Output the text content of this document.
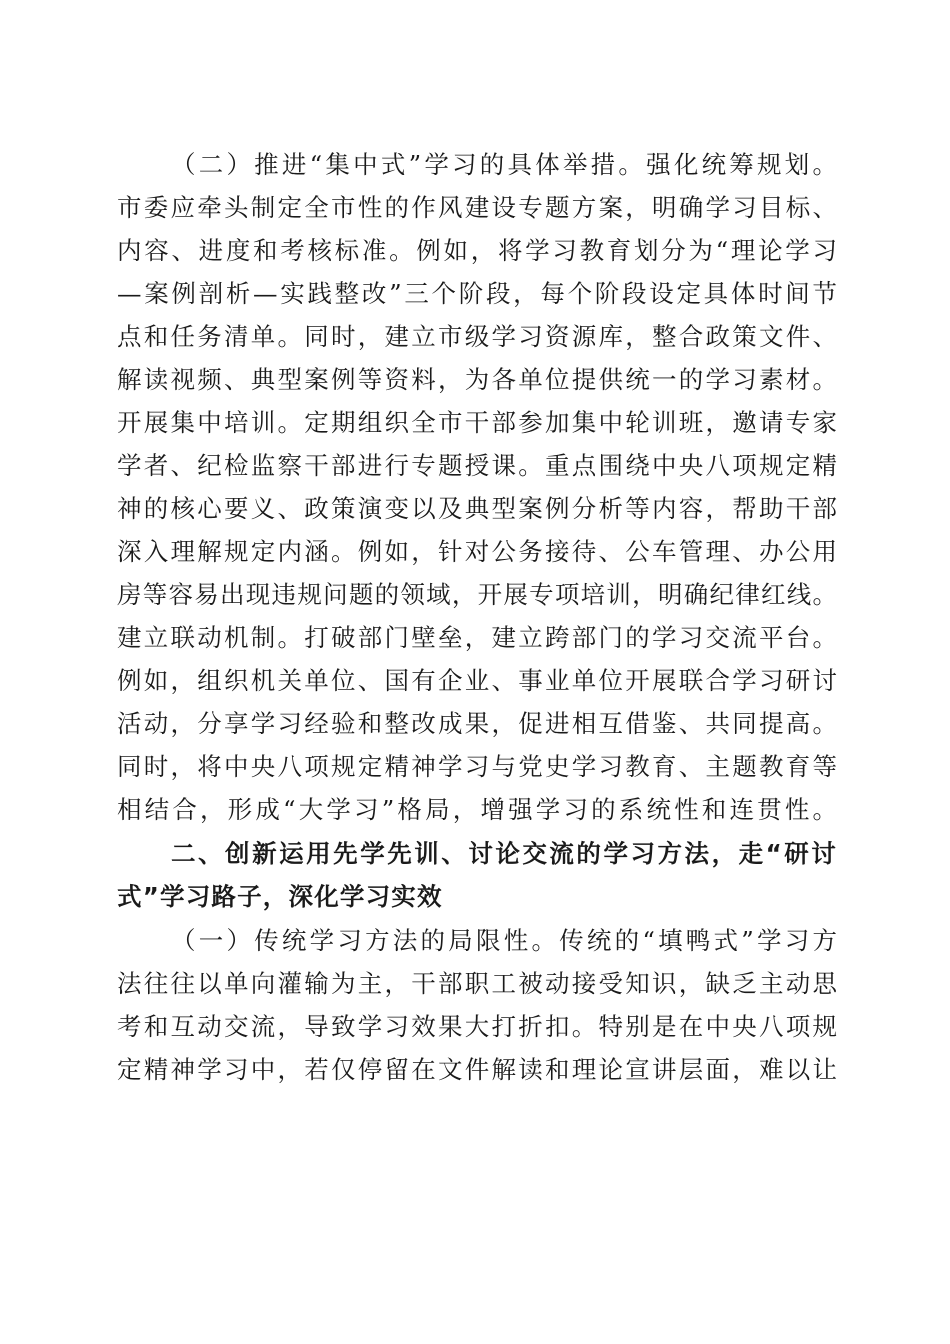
（二）推进“集中式”学习的具体举措。强化统筹规划。
市委应牵头制定全市性的作风建设专题方案，明确学习目标、
内容、进度和考核标准。例如，将学习教育划分为“理论学习
—案例剖析—实践整改”三个阶段，每个阶段设定具体时间节
点和任务清单。同时，建立市级学习资源库，整合政策文件、
解读视频、典型案例等资料，为各单位提供统一的学习素材。
开展集中培训。定期组织全市干部参加集中轮训班，邀请专家
学者、纪检监察干部进行专题授课。重点围绕中央八项规定精
神的核心要义、政策演变以及典型案例分析等内容，帮助干部
深入理解规定内涵。例如，针对公务接待、公车管理、办公用
房等容易出现违规问题的领域，开展专项培训，明确纪律红线。
建立联动机制。打破部门壁垒，建立跨部门的学习交流平台。
例如，组织机关单位、国有企业、事业单位开展联合学习研讨
活动，分享学习经验和整改成果，促进相互借鉴、共同提高。
同时，将中央八项规定精神学习与党史学习教育、主题教育等
相结合，形成“大学习”格局，增强学习的系统性和连贯性。
二、创新运用先学先训、讨论交流的学习方法，走“研讨
式”学习路子，深化学习实效
（一）传统学习方法的局限性。传统的“填鸭式”学习方
法往往以单向灌输为主，干部职工被动接受知识，缺乏主动思
考和互动交流，导致学习效果大打折扣。特别是在中央八项规
定精神学习中，若仅停留在文件解读和理论宣讲层面，难以让
